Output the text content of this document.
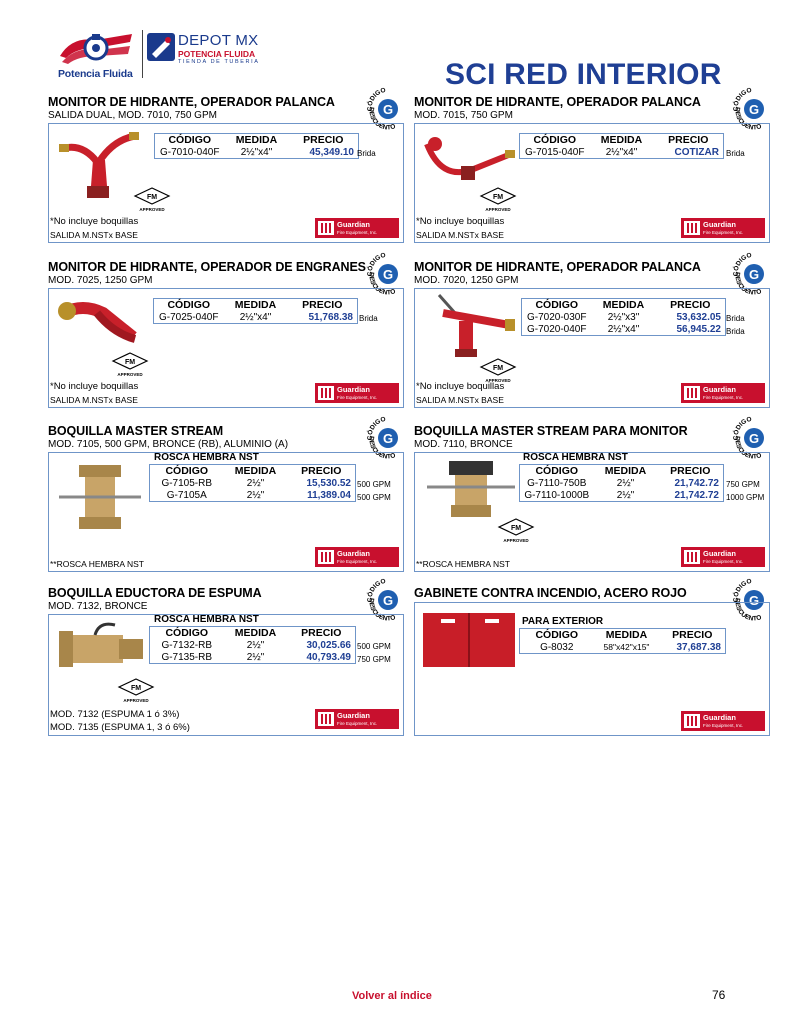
Potencia Fluida
DEPOT MX
POTENCIA FLUIDA
TIENDA DE TUBERIA	SCI RED INTERIOR
MONITOR DE HIDRANTE, OPERADOR PALANCA
SALIDA DUAL, MOD. 7010, 750 GPM
CÓDIGO	MEDIDA	PRECIO
G-7010-040F	2½"x4"	45,349.10 Brida
*No incluye boquillas
SALIDA M.NSTx BASE
MONITOR DE HIDRANTE, OPERADOR PALANCA
MOD. 7015, 750 GPM
CÓDIGO	MEDIDA	PRECIO
G-7015-040F	2½"x4"	COTIZAR Brida
*No incluye boquillas
SALIDA M.NSTx BASE
MONITOR DE HIDRANTE, OPERADOR DE ENGRANES
MOD. 7025, 1250 GPM
CÓDIGO	MEDIDA	PRECIO
G-7025-040F	2½"x4"	51,768.38 Brida
*No incluye boquillas
SALIDA M.NSTx BASE
MONITOR DE HIDRANTE, OPERADOR PALANCA
MOD. 7020, 1250 GPM
CÓDIGO	MEDIDA	PRECIO
G-7020-030F	2½"x3"	53,632.05
G-7020-040F	2½"x4"	56,945.22
Brida
Brida
*No incluye boquillas
SALIDA M.NSTx BASE
BOQUILLA MASTER STREAM
MOD. 7105, 500 GPM, BRONCE (RB), ALUMINIO (A)
ROSCA HEMBRA NST
CÓDIGO	MEDIDA	PRECIO
G-7105-RB	2½"	15,530.52
G-7105A	2½"	11,389.04
500 GPM
500 GPM
**ROSCA HEMBRA NST
BOQUILLA MASTER STREAM PARA MONITOR
MOD. 7110, BRONCE
ROSCA HEMBRA NST
CÓDIGO	MEDIDA	PRECIO
G-7110-750B	2½"	21,742.72
G-7110-1000B	2½"	21,742.72
750 GPM
1000 GPM
**ROSCA HEMBRA NST
BOQUILLA EDUCTORA DE ESPUMA
MOD. 7132, BRONCE
ROSCA HEMBRA NST
CÓDIGO	MEDIDA	PRECIO
G-7132-RB	2½"	30,025.66
G-7135-RB	2½"	40,793.49
500 GPM
750 GPM
MOD. 7132 (ESPUMA 1 ó 3%)
MOD. 7135 (ESPUMA 1, 3 ó 6%)
GABINETE CONTRA INCENDIO, ACERO ROJO
PARA EXTERIOR
CÓDIGO	MEDIDA	PRECIO
G-8032	58"x42"x15"	37,687.38
Volver al índice	76
